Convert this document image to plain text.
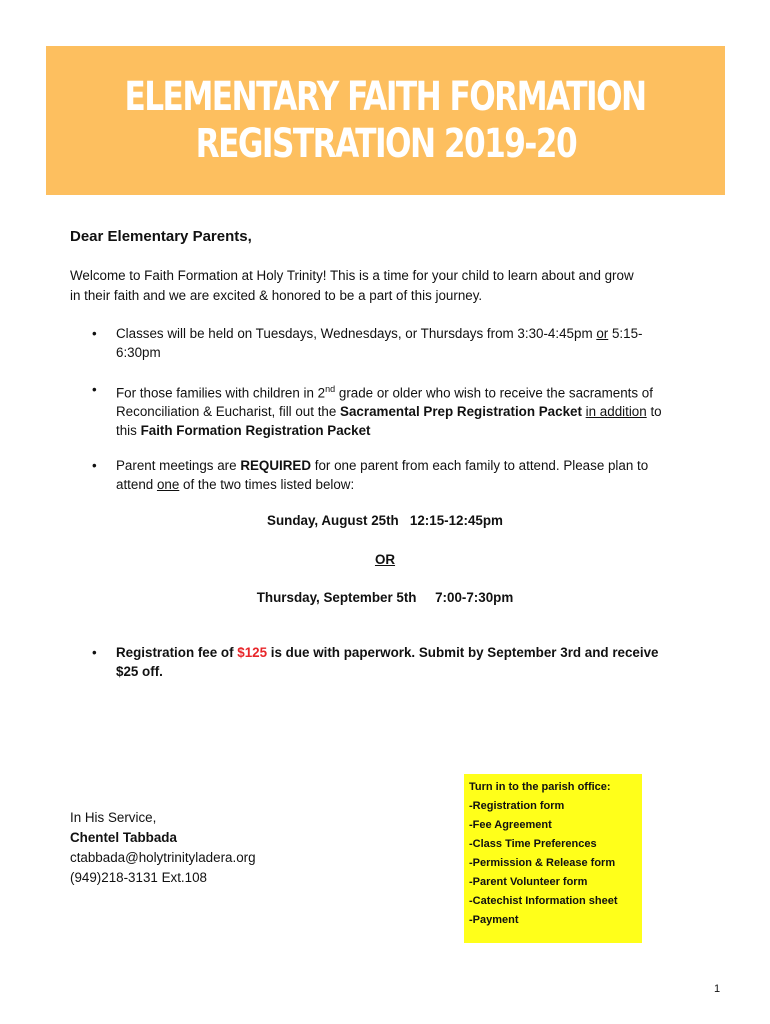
ELEMENTARY FAITH FORMATION
REGISTRATION 2019-20
Dear Elementary Parents,
Welcome to Faith Formation at Holy Trinity! This is a time for your child to learn about and grow
in their faith and we are excited & honored to be a part of this journey.
• Classes will be held on Tuesdays, Wednesdays, or Thursdays from 3:30-4:45pm or 5:15-
6:30pm
• For those families with children in 2nd grade or older who wish to receive the sacraments of
Reconciliation & Eucharist, fill out the Sacramental Prep Registration Packet in addition to
this Faith Formation Registration Packet
• Parent meetings are REQUIRED for one parent from each family to attend. Please plan to
attend one of the two times listed below:
Sunday, August 25th 12:15-12:45pm
OR
Thursday, September 5th 7:00-7:30pm
• Registration fee of $125 is due with paperwork. Submit by September 3rd and receive
$25 off.
In His Service,
Chentel Tabbada
ctabbada@holytrinityladera.org
(949)218-3131 Ext.108
Turn in to the parish office:
-Registration form
-Fee Agreement
-Class Time Preferences
-Permission & Release form
-Parent Volunteer form
-Catechist Information sheet
-Payment
1
